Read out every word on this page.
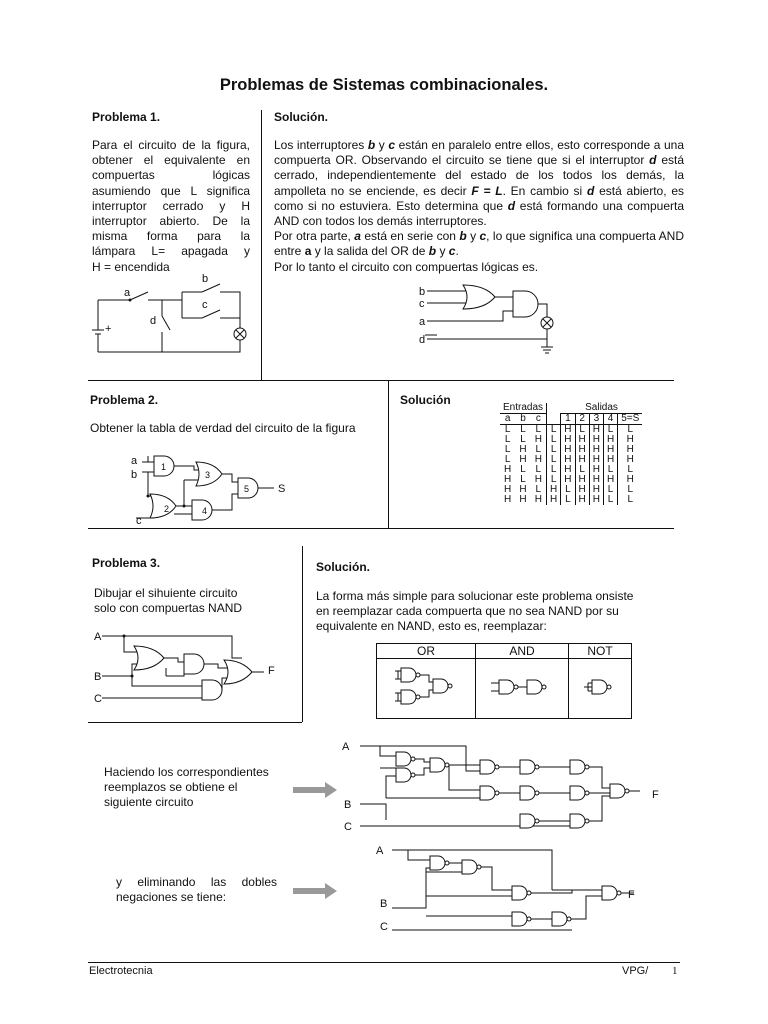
Problemas de Sistemas combinacionales.
Problema 1.
Para el circuito de la figura,
obtener el equivalente en
compuertas lógicas
asumiendo que L significa
interruptor cerrado y H
interruptor abierto. De la
misma forma para la
lámpara L= apagada y
H = encendida
a
b
c
d
+
Solución.
Los interruptores b y c están en paralelo entre ellos, esto corresponde a una compuerta OR. Observando el circuito se tiene que si el interruptor d está cerrado, independientemente del estado de los todos los demás, la ampolleta no se enciende, es decir F = L. En cambio si d está abierto, es como si no estuviera. Esto determina que d está formando una compuerta AND con todos los demás interruptores.
Por otra parte, a está en serie con b y c, lo que significa una compuerta AND entre a y la salida del OR de b y c.
Por lo tanto el circuito con compuertas lógicas es.
b
c
a
d
Problema 2.
Obtener la tabla de verdad del circuito de la figura
a
b
c
S
1
2
3
4
5
Solución
Entradas				Salidas				
a	b	c		1	2	3	4	5=S
L	L	L	L	H	L	H	L	L
L	L	H	L	H	H	H	H	H
L	H	L	L	H	H	H	H	H
L	H	H	L	H	H	H	H	H
H	L	L	L	H	L	H	L	L
H	L	H	L	H	H	H	H	H
H	H	L	H	L	H	H	L	L
H	H	H	H	L	H	H	L	L
Problema 3.
Dibujar el sihuiente circuito
solo con compuertas NAND
A
B
C
F
Solución.
La forma más simple para solucionar este problema onsiste
en reemplazar cada compuerta que no sea NAND por su
equivalente en NAND, esto es, reemplazar:
OR	AND	NOT

Haciendo los correspondientes
reemplazos se obtiene el
siguiente circuito
A
B
C
F
y eliminando las dobles
negaciones se tiene:
A
B
C
F
Electrotecnia	VPG/ 1
